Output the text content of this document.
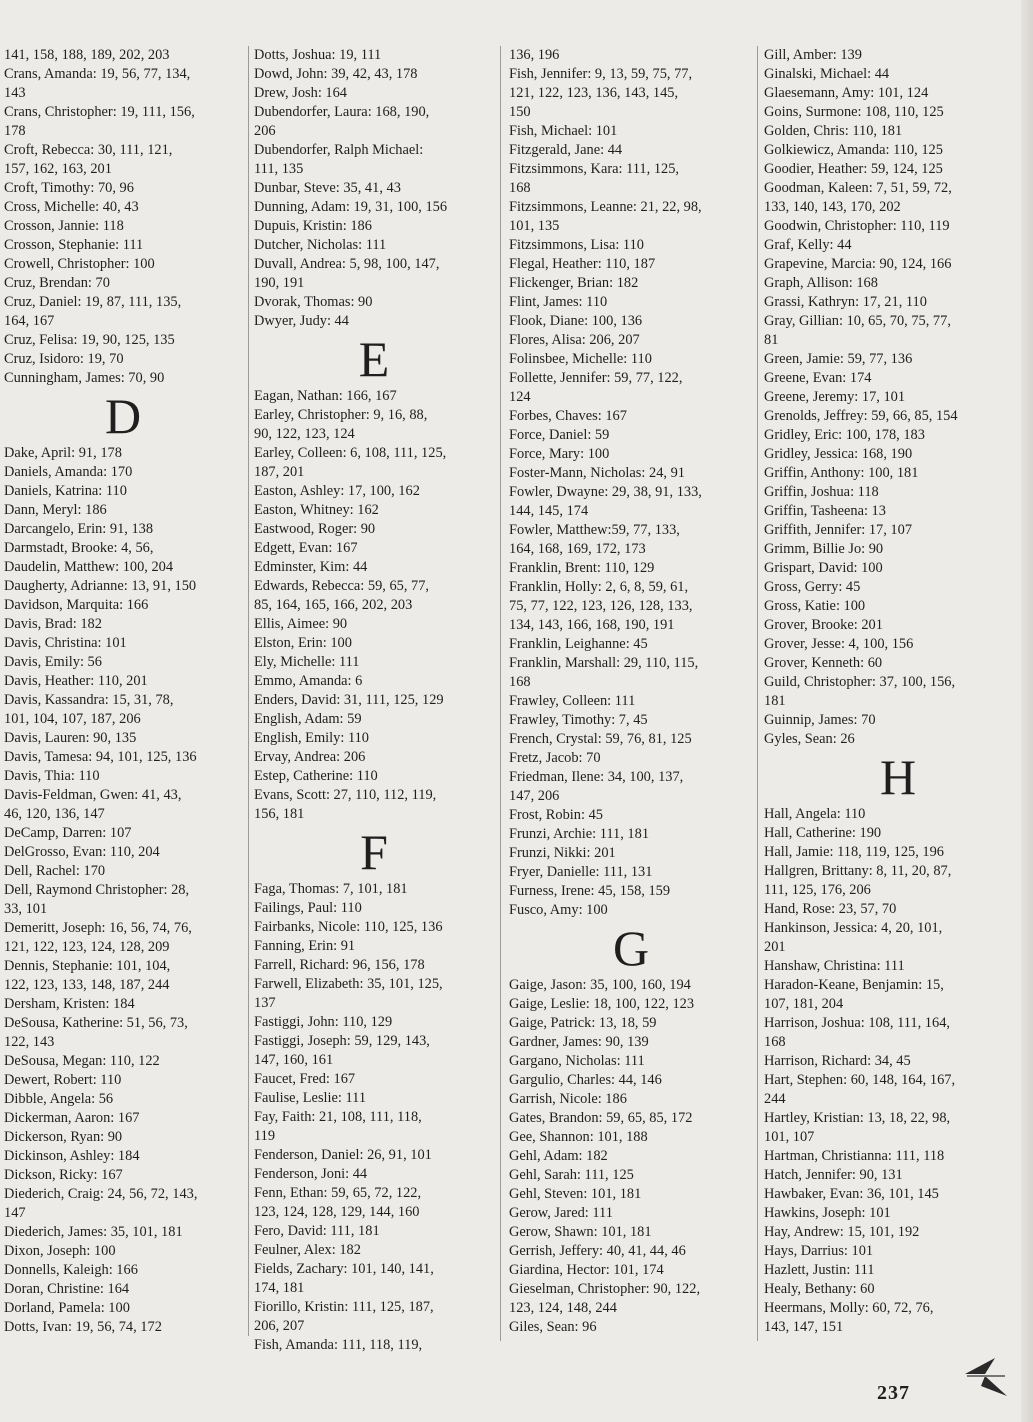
141, 158, 188, 189, 202, 203
Crans, Amanda: 19, 56, 77, 134,
143
Crans, Christopher: 19, 111, 156,
178
Croft, Rebecca: 30, 111, 121,
157, 162, 163, 201
Croft, Timothy: 70, 96
Cross, Michelle: 40, 43
Crosson, Jannie: 118
Crosson, Stephanie: 111
Crowell, Christopher: 100
Cruz, Brendan: 70
Cruz, Daniel: 19, 87, 111, 135,
164, 167
Cruz, Felisa: 19, 90, 125, 135
Cruz, Isidoro: 19, 70
Cunningham, James: 70, 90
D
Dake, April: 91, 178
Daniels, Amanda: 170
Daniels, Katrina: 110
Dann, Meryl: 186
Darcangelo, Erin: 91, 138
Darmstadt, Brooke: 4, 56,
Daudelin, Matthew: 100, 204
Daugherty, Adrianne: 13, 91, 150
Davidson, Marquita: 166
Davis, Brad: 182
Davis, Christina: 101
Davis, Emily: 56
Davis, Heather: 110, 201
Davis, Kassandra: 15, 31, 78,
101, 104, 107, 187, 206
Davis, Lauren: 90, 135
Davis, Tamesa: 94, 101, 125, 136
Davis, Thia: 110
Davis-Feldman, Gwen: 41, 43,
46, 120, 136, 147
DeCamp, Darren: 107
DelGrosso, Evan: 110, 204
Dell, Rachel: 170
Dell, Raymond Christopher: 28,
33, 101
Demeritt, Joseph: 16, 56, 74, 76,
121, 122, 123, 124, 128, 209
Dennis, Stephanie: 101, 104,
122, 123, 133, 148, 187, 244
Dersham, Kristen: 184
DeSousa, Katherine: 51, 56, 73,
122, 143
DeSousa, Megan: 110, 122
Dewert, Robert: 110
Dibble, Angela: 56
Dickerman, Aaron: 167
Dickerson, Ryan: 90
Dickinson, Ashley: 184
Dickson, Ricky: 167
Diederich, Craig: 24, 56, 72, 143,
147
Diederich, James: 35, 101, 181
Dixon, Joseph: 100
Donnells, Kaleigh: 166
Doran, Christine: 164
Dorland, Pamela: 100
Dotts, Ivan: 19, 56, 74, 172
Dotts, Joshua: 19, 111
Dowd, John: 39, 42, 43, 178
Drew, Josh: 164
Dubendorfer, Laura: 168, 190,
206
Dubendorfer, Ralph Michael:
111, 135
Dunbar, Steve: 35, 41, 43
Dunning, Adam: 19, 31, 100, 156
Dupuis, Kristin: 186
Dutcher, Nicholas: 111
Duvall, Andrea: 5, 98, 100, 147,
190, 191
Dvorak, Thomas: 90
Dwyer, Judy: 44
E
Eagan, Nathan: 166, 167
Earley, Christopher: 9, 16, 88,
90, 122, 123, 124
Earley, Colleen: 6, 108, 111, 125,
187, 201
Easton, Ashley: 17, 100, 162
Easton, Whitney: 162
Eastwood, Roger: 90
Edgett, Evan: 167
Edminster, Kim: 44
Edwards, Rebecca: 59, 65, 77,
85, 164, 165, 166, 202, 203
Ellis, Aimee: 90
Elston, Erin: 100
Ely, Michelle: 111
Emmo, Amanda: 6
Enders, David: 31, 111, 125, 129
English, Adam: 59
English, Emily: 110
Ervay, Andrea: 206
Estep, Catherine: 110
Evans, Scott: 27, 110, 112, 119,
156, 181
F
Faga, Thomas: 7, 101, 181
Failings, Paul: 110
Fairbanks, Nicole: 110, 125, 136
Fanning, Erin: 91
Farrell, Richard: 96, 156, 178
Farwell, Elizabeth: 35, 101, 125,
137
Fastiggi, John: 110, 129
Fastiggi, Joseph: 59, 129, 143,
147, 160, 161
Faucet, Fred: 167
Faulise, Leslie: 111
Fay, Faith: 21, 108, 111, 118,
119
Fenderson, Daniel: 26, 91, 101
Fenderson, Joni: 44
Fenn, Ethan: 59, 65, 72, 122,
123, 124, 128, 129, 144, 160
Fero, David: 111, 181
Feulner, Alex: 182
Fields, Zachary: 101, 140, 141,
174, 181
Fiorillo, Kristin: 111, 125, 187,
206, 207
Fish, Amanda: 111, 118, 119,
136, 196
Fish, Jennifer: 9, 13, 59, 75, 77,
121, 122, 123, 136, 143, 145,
150
Fish, Michael: 101
Fitzgerald, Jane: 44
Fitzsimmons, Kara: 111, 125,
168
Fitzsimmons, Leanne: 21, 22, 98,
101, 135
Fitzsimmons, Lisa: 110
Flegal, Heather: 110, 187
Flickenger, Brian: 182
Flint, James: 110
Flook, Diane: 100, 136
Flores, Alisa: 206, 207
Folinsbee, Michelle: 110
Follette, Jennifer: 59, 77, 122,
124
Forbes, Chaves: 167
Force, Daniel: 59
Force, Mary: 100
Foster-Mann, Nicholas: 24, 91
Fowler, Dwayne: 29, 38, 91, 133,
144, 145, 174
Fowler, Matthew:59, 77, 133,
164, 168, 169, 172, 173
Franklin, Brent: 110, 129
Franklin, Holly: 2, 6, 8, 59, 61,
75, 77, 122, 123, 126, 128, 133,
134, 143, 166, 168, 190, 191
Franklin, Leighanne: 45
Franklin, Marshall: 29, 110, 115,
168
Frawley, Colleen: 111
Frawley, Timothy: 7, 45
French, Crystal: 59, 76, 81, 125
Fretz, Jacob: 70
Friedman, Ilene: 34, 100, 137,
147, 206
Frost, Robin: 45
Frunzi, Archie: 111, 181
Frunzi, Nikki: 201
Fryer, Danielle: 111, 131
Furness, Irene: 45, 158, 159
Fusco, Amy: 100
G
Gaige, Jason: 35, 100, 160, 194
Gaige, Leslie: 18, 100, 122, 123
Gaige, Patrick: 13, 18, 59
Gardner, James: 90, 139
Gargano, Nicholas: 111
Gargulio, Charles: 44, 146
Garrish, Nicole: 186
Gates, Brandon: 59, 65, 85, 172
Gee, Shannon: 101, 188
Gehl, Adam: 182
Gehl, Sarah: 111, 125
Gehl, Steven: 101, 181
Gerow, Jared: 111
Gerow, Shawn: 101, 181
Gerrish, Jeffery: 40, 41, 44, 46
Giardina, Hector: 101, 174
Gieselman, Christopher: 90, 122,
123, 124, 148, 244
Giles, Sean: 96
Gill, Amber: 139
Ginalski, Michael: 44
Glaesemann, Amy: 101, 124
Goins, Surmone: 108, 110, 125
Golden, Chris: 110, 181
Golkiewicz, Amanda: 110, 125
Goodier, Heather: 59, 124, 125
Goodman, Kaleen: 7, 51, 59, 72,
133, 140, 143, 170, 202
Goodwin, Christopher: 110, 119
Graf, Kelly: 44
Grapevine, Marcia: 90, 124, 166
Graph, Allison: 168
Grassi, Kathryn: 17, 21, 110
Gray, Gillian: 10, 65, 70, 75, 77,
81
Green, Jamie: 59, 77, 136
Greene, Evan: 174
Greene, Jeremy: 17, 101
Grenolds, Jeffrey: 59, 66, 85, 154
Gridley, Eric: 100, 178, 183
Gridley, Jessica: 168, 190
Griffin, Anthony: 100, 181
Griffin, Joshua: 118
Griffin, Tasheena: 13
Griffith, Jennifer: 17, 107
Grimm, Billie Jo: 90
Grispart, David: 100
Gross, Gerry: 45
Gross, Katie: 100
Grover, Brooke: 201
Grover, Jesse: 4, 100, 156
Grover, Kenneth: 60
Guild, Christopher: 37, 100, 156,
181
Guinnip, James: 70
Gyles, Sean: 26
H
Hall, Angela: 110
Hall, Catherine: 190
Hall, Jamie: 118, 119, 125, 196
Hallgren, Brittany: 8, 11, 20, 87,
111, 125, 176, 206
Hand, Rose: 23, 57, 70
Hankinson, Jessica: 4, 20, 101,
201
Hanshaw, Christina: 111
Haradon-Keane, Benjamin: 15,
107, 181, 204
Harrison, Joshua: 108, 111, 164,
168
Harrison, Richard: 34, 45
Hart, Stephen: 60, 148, 164, 167,
244
Hartley, Kristian: 13, 18, 22, 98,
101, 107
Hartman, Christianna: 111, 118
Hatch, Jennifer: 90, 131
Hawbaker, Evan: 36, 101, 145
Hawkins, Joseph: 101
Hay, Andrew: 15, 101, 192
Hays, Darrius: 101
Hazlett, Justin: 111
Healy, Bethany: 60
Heermans, Molly: 60, 72, 76,
143, 147, 151
237
